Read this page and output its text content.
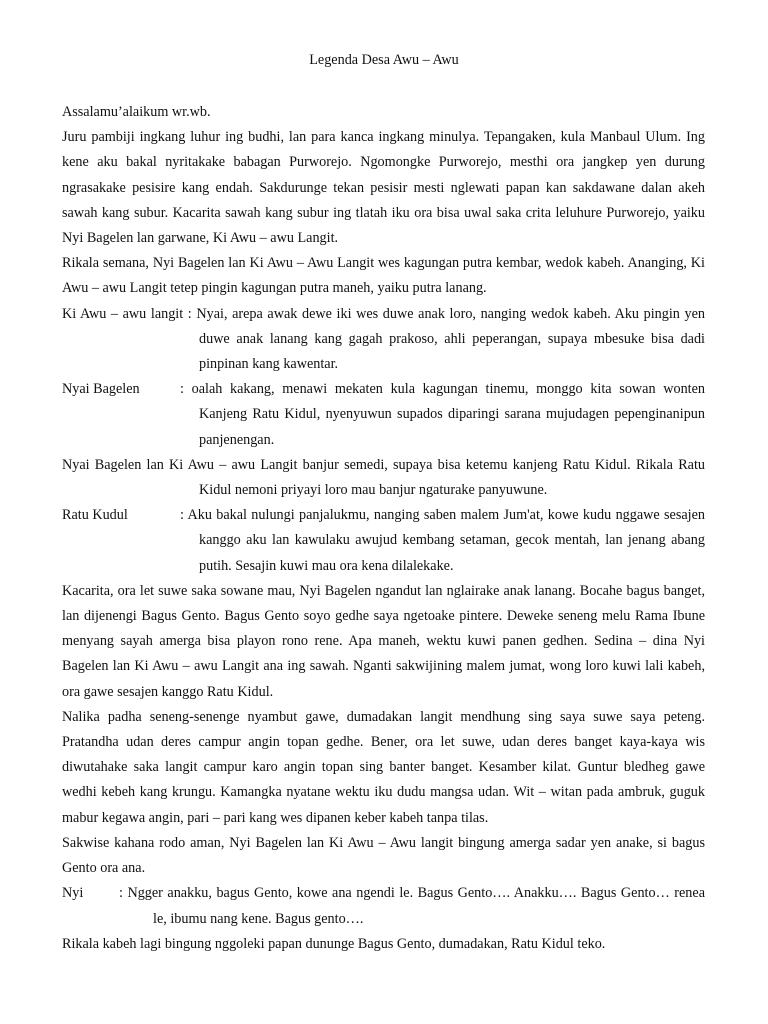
Legenda Desa Awu – Awu

Assalamu’alaikum wr.wb.

Juru pambiji ingkang luhur ing budhi, lan para kanca ingkang minulya. Tepangaken, kula Manbaul Ulum. Ing kene aku bakal nyritakake babagan Purworejo. Ngomongke Purworejo, mesthi ora jangkep yen durung ngrasakake pesisire kang endah. Sakdurunge tekan pesisir mesti nglewati papan kan sakdawane dalan akeh sawah kang subur. Kacarita sawah kang subur ing tlatah iku ora bisa uwal saka crita leluhure Purworejo, yaiku Nyi Bagelen lan garwane, Ki Awu – awu Langit.

Rikala semana, Nyi Bagelen lan Ki Awu – Awu Langit wes kagungan putra kembar, wedok kabeh. Ananging, Ki Awu – awu Langit tetep pingin kagungan putra maneh, yaiku putra lanang.

Ki Awu – awu langit : Nyai, arepa awak dewe iki wes duwe anak loro, nanging wedok kabeh. Aku pingin yen duwe anak lanang kang gagah prakoso, ahli peperangan, supaya mbesuke bisa dadi pinpinan kang kawentar.
Nyai Bagelen	: oalah kakang, menawi mekaten kula kagungan tinemu, monggo kita sowan wonten Kanjeng Ratu Kidul, nyenyuwun supados diparingi sarana mujudagen pepenginanipun panjenengan.
Nyai Bagelen lan Ki Awu – awu Langit banjur semedi, supaya bisa ketemu kanjeng Ratu Kidul. Rikala Ratu Kidul nemoni priyayi loro mau banjur ngaturake panyuwune.
Ratu Kudul	: Aku bakal nulungi panjalukmu, nanging saben malem Jum'at, kowe kudu nggawe sesajen kanggo aku lan kawulaku awujud kembang setaman, gecok mentah, lan jenang abang putih. Sesajin kuwi mau ora kena dilalekake.

Kacarita, ora let suwe saka sowane mau, Nyi Bagelen ngandut lan nglairake anak lanang. Bocahe bagus banget, lan dijenengi Bagus Gento. Bagus Gento soyo gedhe saya ngetoake pintere. Deweke seneng melu Rama Ibune menyang sayah amerga bisa playon rono rene. Apa maneh, wektu kuwi panen gedhen. Sedina – dina Nyi Bagelen lan Ki Awu – awu Langit ana ing sawah. Nganti sakwijining malem jumat, wong loro kuwi lali kabeh, ora gawe sesajen kanggo Ratu Kidul.

Nalika padha seneng-senenge nyambut gawe, dumadakan langit mendhung sing saya suwe saya peteng. Pratandha udan deres campur angin topan gedhe. Bener, ora let suwe, udan deres banget kaya-kaya wis diwutahake saka langit campur karo angin topan sing banter banget. Kesamber kilat. Guntur bledheg gawe wedhi kebeh kang krungu. Kamangka nyatane wektu iku dudu mangsa udan. Wit – witan pada ambruk, guguk mabur kegawa angin, pari – pari kang wes dipanen keber kabeh tanpa tilas.

Sakwise kahana rodo aman, Nyi Bagelen lan Ki Awu – Awu langit bingung amerga sadar yen anake, si bagus Gento ora ana.

Nyi	: Ngger anakku, bagus Gento, kowe ana ngendi le. Bagus Gento…. Anakku…. Bagus Gento… renea le, ibumu nang kene. Bagus gento….

Rikala kabeh lagi bingung nggoleki papan dununge Bagus Gento, dumadakan, Ratu Kidul teko.
